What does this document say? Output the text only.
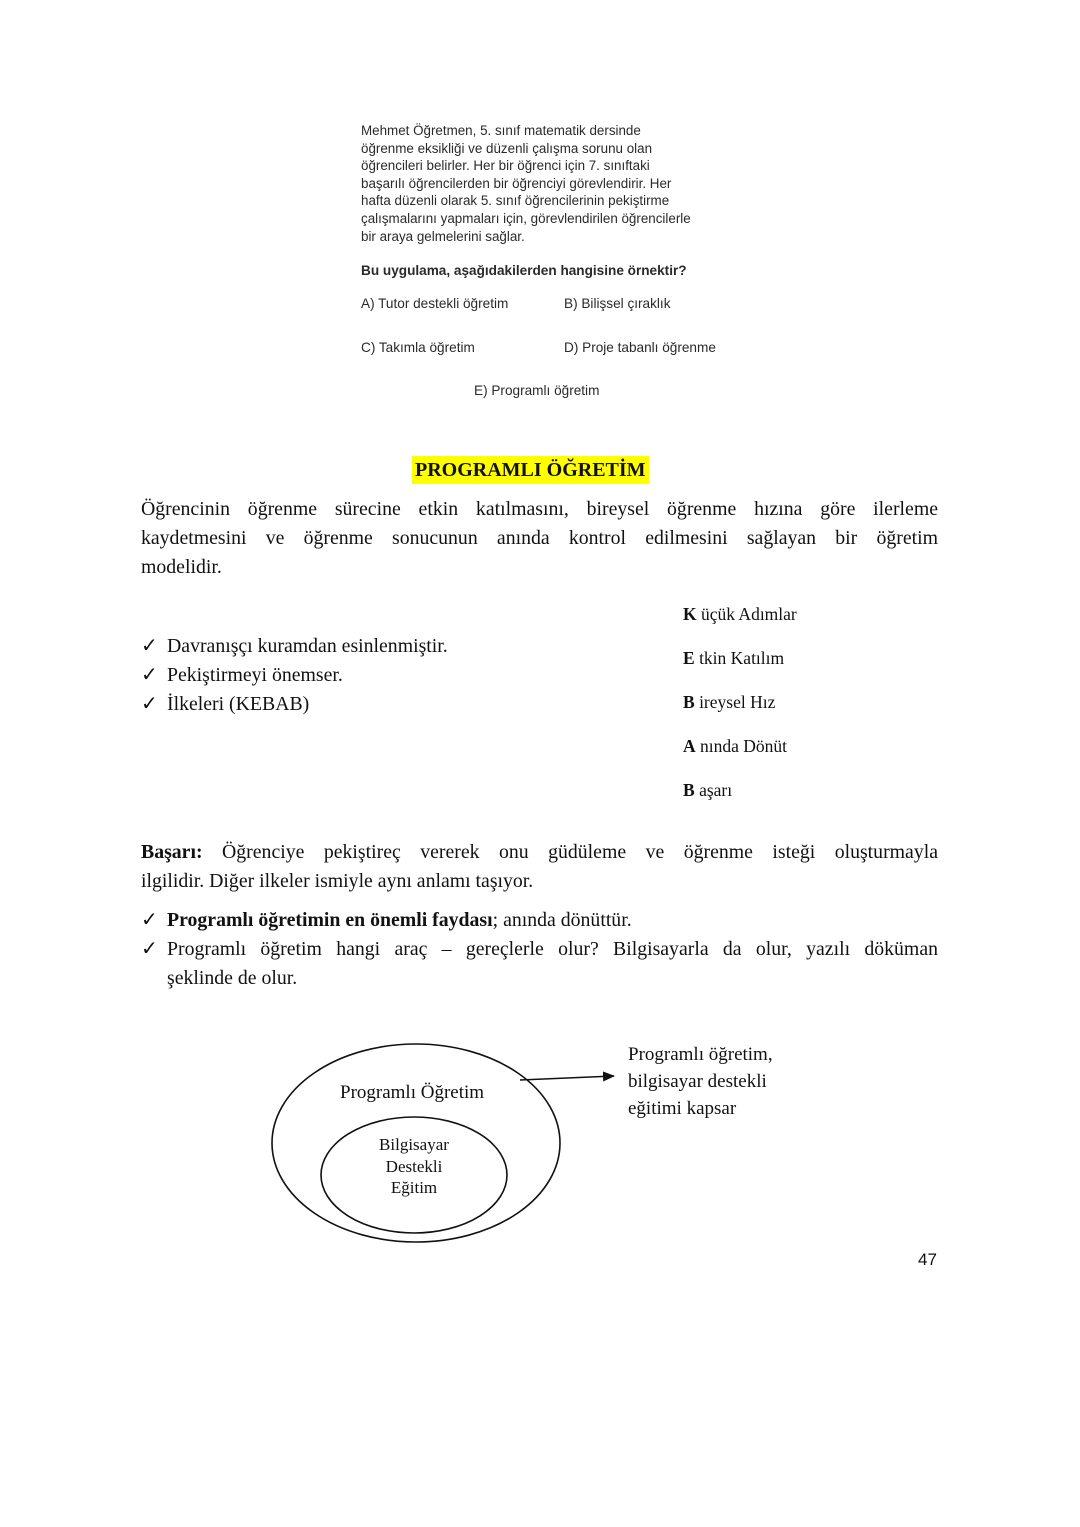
Mehmet Öğretmen, 5. sınıf matematik dersinde
öğrenme eksikliği ve düzenli çalışma sorunu olan
öğrencileri belirler. Her bir öğrenci için 7. sınıftaki
başarılı öğrencilerden bir öğrenciyi görevlendirir. Her
hafta düzenli olarak 5. sınıf öğrencilerinin pekiştirme
çalışmalarını yapmaları için, görevlendirilen öğrencilerle
bir araya gelmelerini sağlar.
Bu uygulama, aşağıdakilerden hangisine örnektir?
A) Tutor destekli öğretim	B) Bilişsel çıraklık
C) Takımla öğretim	D) Proje tabanlı öğrenme
E) Programlı öğretim
PROGRAMLI ÖĞRETİM
Öğrencinin öğrenme sürecine etkin katılmasını, bireysel öğrenme hızına göre ilerleme
kaydetmesini ve öğrenme sonucunun anında kontrol edilmesini sağlayan bir öğretim
modelidir.
✓ Davranışçı kuramdan esinlenmiştir.
✓ Pekiştirmeyi önemser.
✓ İlkeleri (KEBAB)
K üçük Adımlar
E tkin Katılım
B ireysel Hız
A nında Dönüt
B aşarı
Başarı: Öğrenciye pekiştireç vererek onu güdüleme ve öğrenme isteği oluşturmayla
ilgilidir. Diğer ilkeler ismiyle aynı anlamı taşıyor.
✓ Programlı öğretimin en önemli faydası; anında dönüttür.
✓ Programlı öğretim hangi araç – gereçlerle olur? Bilgisayarla da olur, yazılı döküman
şeklinde de olur.
Programlı Öğretim
Bilgisayar
Destekli
Eğitim
Programlı öğretim,
bilgisayar destekli
eğitimi kapsar
47
